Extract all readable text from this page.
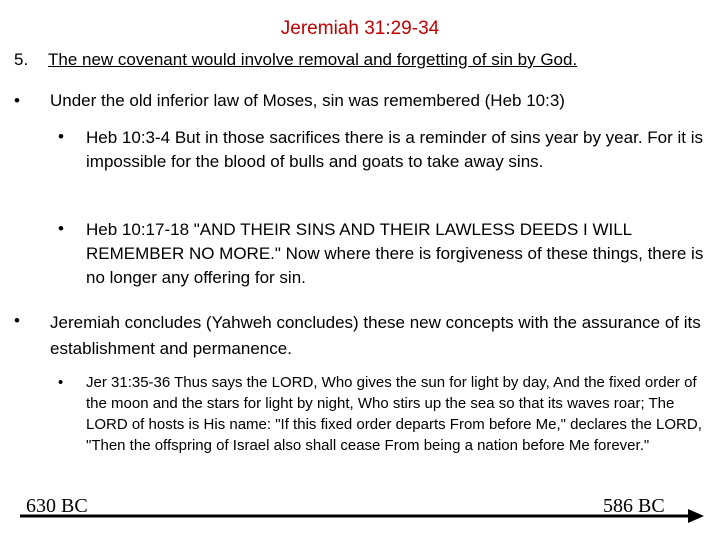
Jeremiah 31:29-34
5. The new covenant would involve removal and forgetting of sin by God.
• Under the old inferior law of Moses, sin was remembered (Heb 10:3)
• Heb 10:3-4 But in those sacrifices there is a reminder of sins year by year. For it is impossible for the blood of bulls and goats to take away sins.
• Heb 10:17-18 "AND THEIR SINS AND THEIR LAWLESS DEEDS I WILL REMEMBER NO MORE." Now where there is forgiveness of these things, there is no longer any offering for sin.
• Jeremiah concludes (Yahweh concludes) these new concepts with the assurance of its establishment and permanence.
• Jer 31:35-36 Thus says the LORD, Who gives the sun for light by day, And the fixed order of the moon and the stars for light by night, Who stirs up the sea so that its waves roar; The LORD of hosts is His name: "If this fixed order departs From before Me," declares the LORD, "Then the offspring of Israel also shall cease From being a nation before Me forever."
630 BC	586 BC
